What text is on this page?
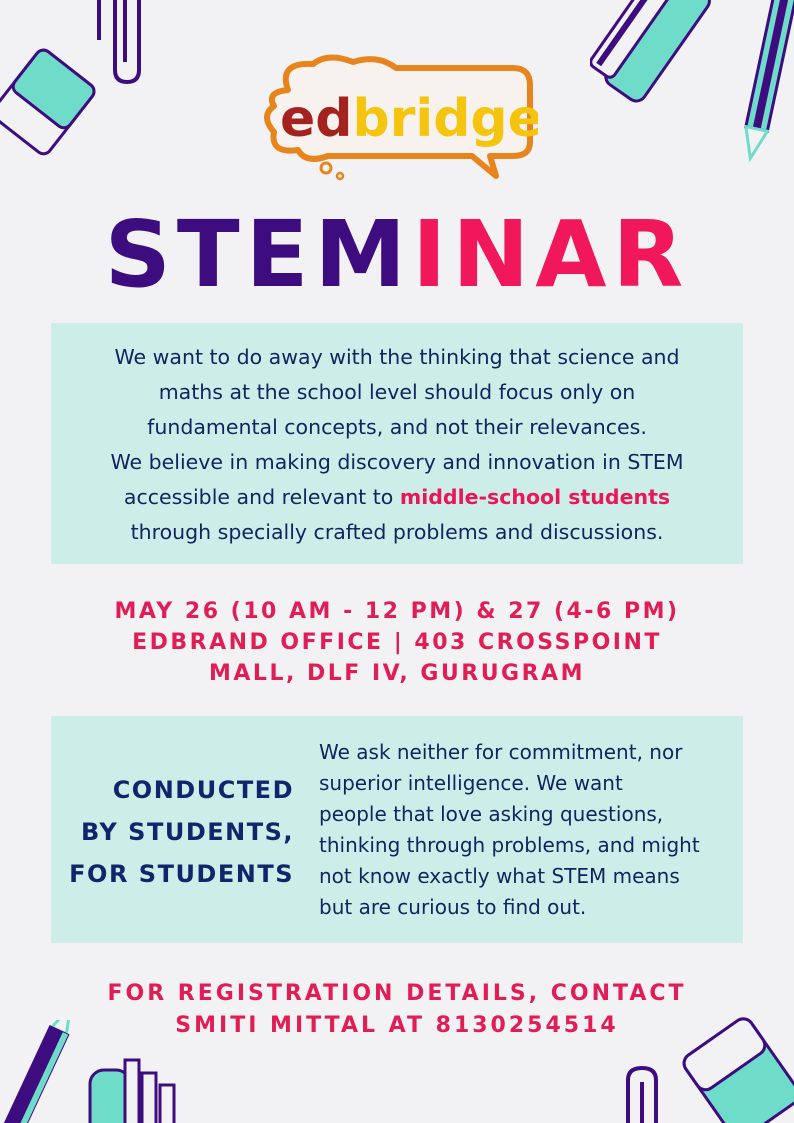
edbridge
STEMINAR

We want to do away with the thinking that science and

maths at the school level should focus only on

fundamental concepts, and not their relevances.

We believe in making discovery and innovation in STEM

accessible and relevant to middle-school students

through specially crafted problems and discussions.

MAY 26 (10 AM - 12 PM) & 27 (4-6 PM)
EDBRAND OFFICE | 403 CROSSPOINT
MALL, DLF IV, GURUGRAM
CONDUCTED
BY STUDENTS,
FOR STUDENTS
We ask neither for commitment, nor
superior intelligence. We want
people that love asking questions,
thinking through problems, and might
not know exactly what STEM means
but are curious to find out.
FOR REGISTRATION DETAILS, CONTACT
SMITI MITTAL AT 8130254514
